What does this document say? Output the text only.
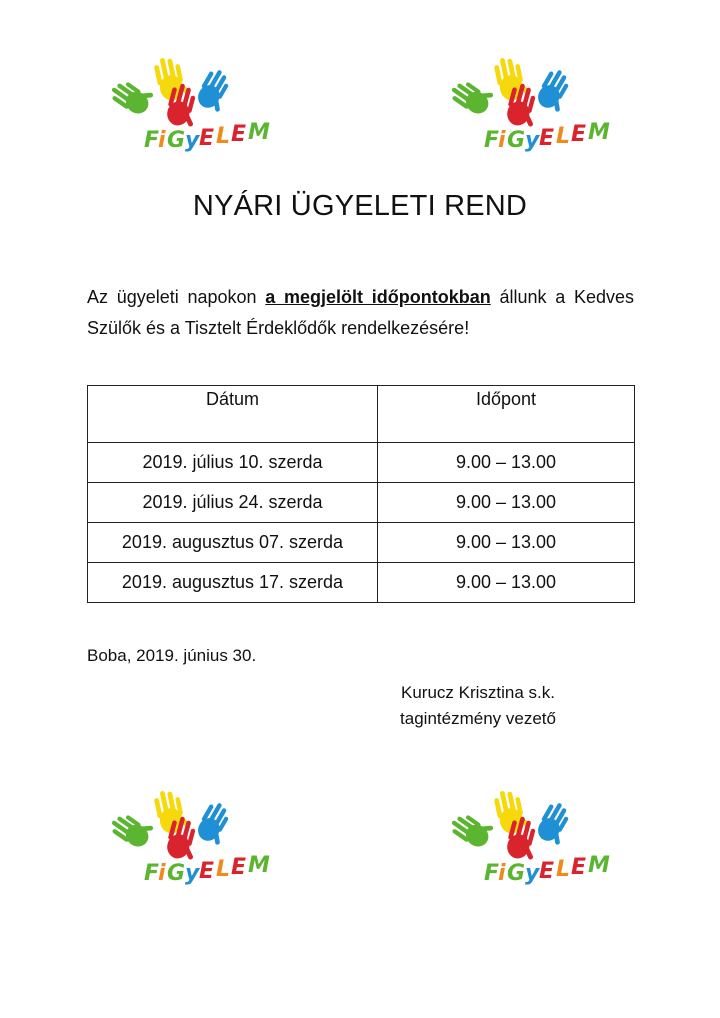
F
i G y E L E M	F
i G y E L E M
NYÁRI ÜGYELETI REND
Az ügyeleti napokon a megjelölt időpontokban állunk a Kedves Szülők és a Tisztelt Érdeklődők rendelkezésére!
Dátum	Időpont
2019. július 10. szerda	9.00 – 13.00
2019. július 24. szerda	9.00 – 13.00
2019. augusztus 07. szerda	9.00 – 13.00
2019. augusztus 17. szerda	9.00 – 13.00
Boba, 2019. június 30.
Kurucz Krisztina s.k.
tagintézmény vezető
F
i G y E L E M	F
i G y E L E M
